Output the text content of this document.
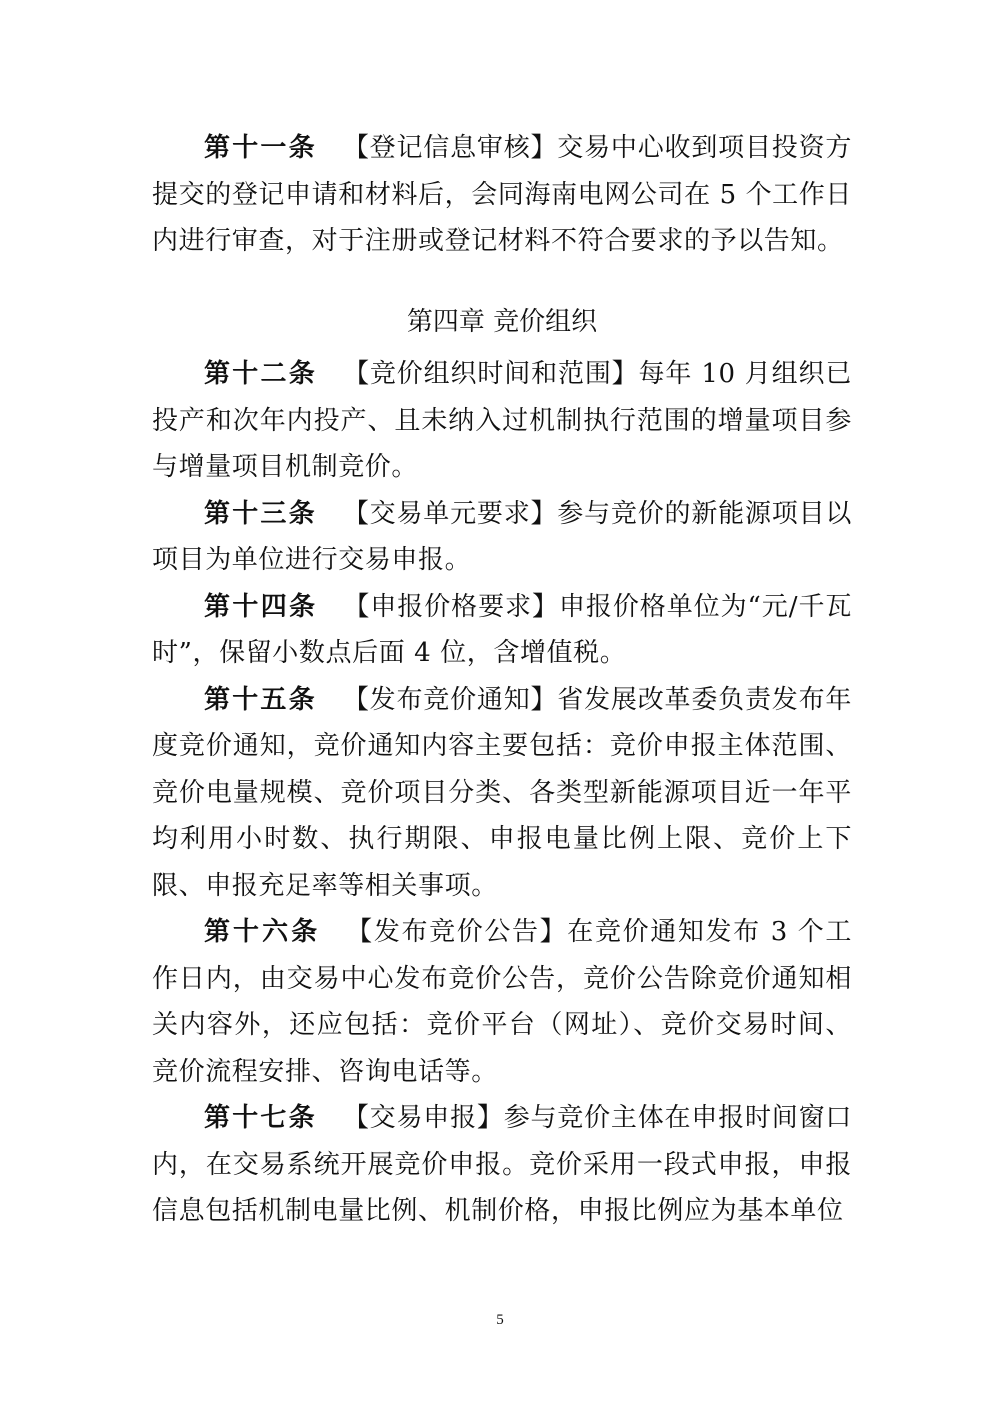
第十一条 【登记信息审核】交易中心收到项目投资方提交的登记申请和材料后，会同海南电网公司在 5 个工作日内进行审查，对于注册或登记材料不符合要求的予以告知。

第四章 竞价组织

第十二条 【竞价组织时间和范围】每年 10 月组织已投产和次年内投产、且未纳入过机制执行范围的增量项目参与增量项目机制竞价。

第十三条 【交易单元要求】参与竞价的新能源项目以项目为单位进行交易申报。

第十四条 【申报价格要求】申报价格单位为“元/千瓦时”，保留小数点后面 4 位，含增值税。

第十五条 【发布竞价通知】省发展改革委负责发布年度竞价通知，竞价通知内容主要包括：竞价申报主体范围、竞价电量规模、竞价项目分类、各类型新能源项目近一年平均利用小时数、执行期限、申报电量比例上限、竞价上下限、申报充足率等相关事项。

第十六条 【发布竞价公告】在竞价通知发布 3 个工作日内，由交易中心发布竞价公告，竞价公告除竞价通知相关内容外，还应包括：竞价平台（网址）、竞价交易时间、竞价流程安排、咨询电话等。

第十七条 【交易申报】参与竞价主体在申报时间窗口内，在交易系统开展竞价申报。竞价采用一段式申报，申报信息包括机制电量比例、机制价格，申报比例应为基本单位

5
